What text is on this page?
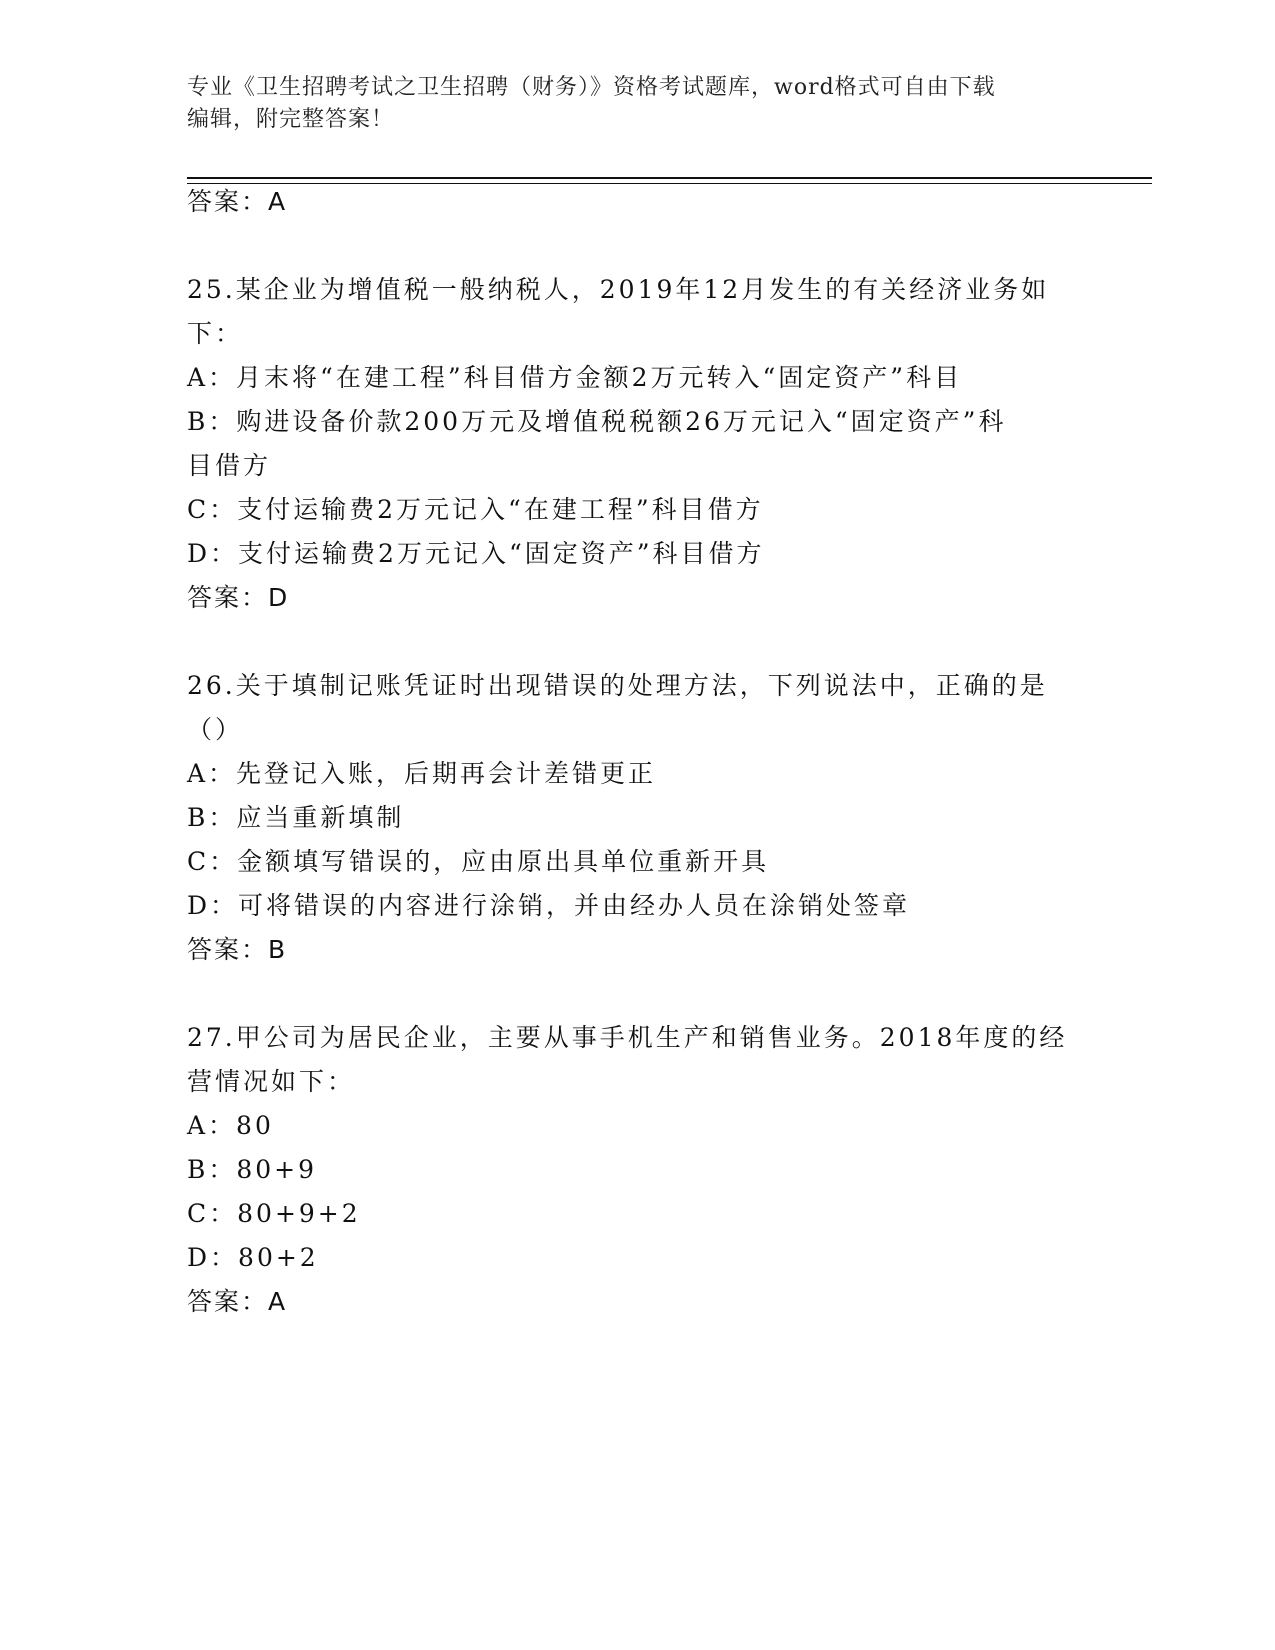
专业《卫生招聘考试之卫生招聘（财务）》资格考试题库，word格式可自由下载
编辑，附完整答案！
答案：A
25.某企业为增值税一般纳税人，2019年12月发生的有关经济业务如
下：
A：月末将“在建工程”科目借方金额2万元转入“固定资产”科目
B：购进设备价款200万元及增值税税额26万元记入“固定资产”科
目借方
C：支付运输费2万元记入“在建工程”科目借方
D：支付运输费2万元记入“固定资产”科目借方
答案：D
26.关于填制记账凭证时出现错误的处理方法，下列说法中，正确的是
（）
A：先登记入账，后期再会计差错更正
B：应当重新填制
C：金额填写错误的，应由原出具单位重新开具
D：可将错误的内容进行涂销，并由经办人员在涂销处签章
答案：B
27.甲公司为居民企业，主要从事手机生产和销售业务。2018年度的经
营情况如下：
A：80
B：80+9
C：80+9+2
D：80+2
答案：A
